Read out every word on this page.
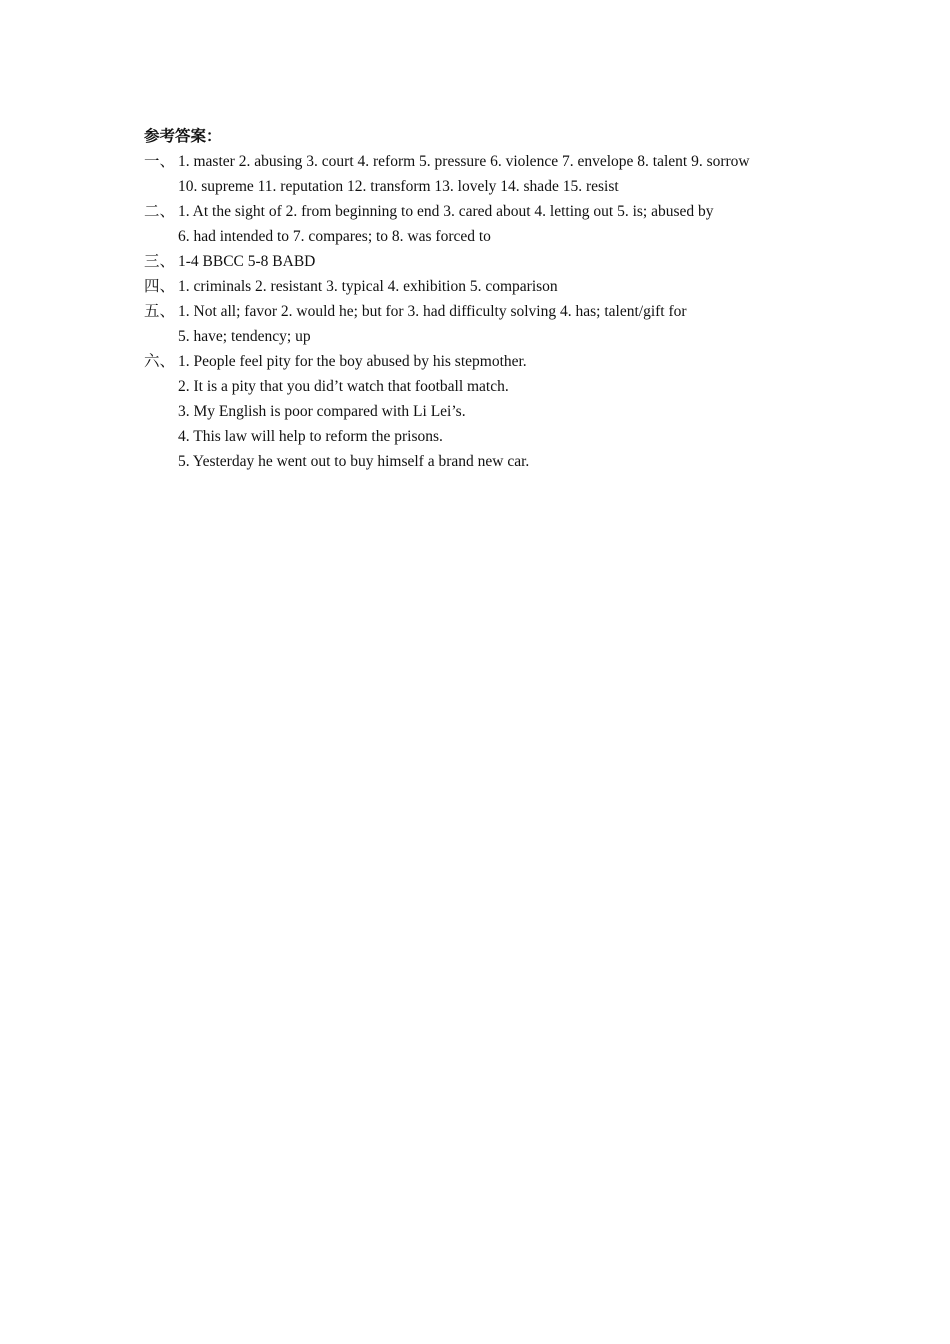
参考答案：
一、 1. master 2. abusing 3. court 4. reform 5. pressure 6. violence 7. envelope 8. talent 9. sorrow
10. supreme 11. reputation 12. transform 13. lovely 14. shade 15. resist
二、 1. At the sight of 2. from beginning to end 3. cared about 4. letting out 5. is; abused by
6. had intended to 7. compares; to 8. was forced to
三、 1-4 BBCC 5-8 BABD
四、 1. criminals 2. resistant 3. typical 4. exhibition 5. comparison
五、 1. Not all; favor 2. would he; but for 3. had difficulty solving 4. has; talent/gift for
5. have; tendency; up
六、 1. People feel pity for the boy abused by his stepmother.
2. It is a pity that you did’t watch that football match.
3. My English is poor compared with Li Lei’s.
4. This law will help to reform the prisons.
5. Yesterday he went out to buy himself a brand new car.
